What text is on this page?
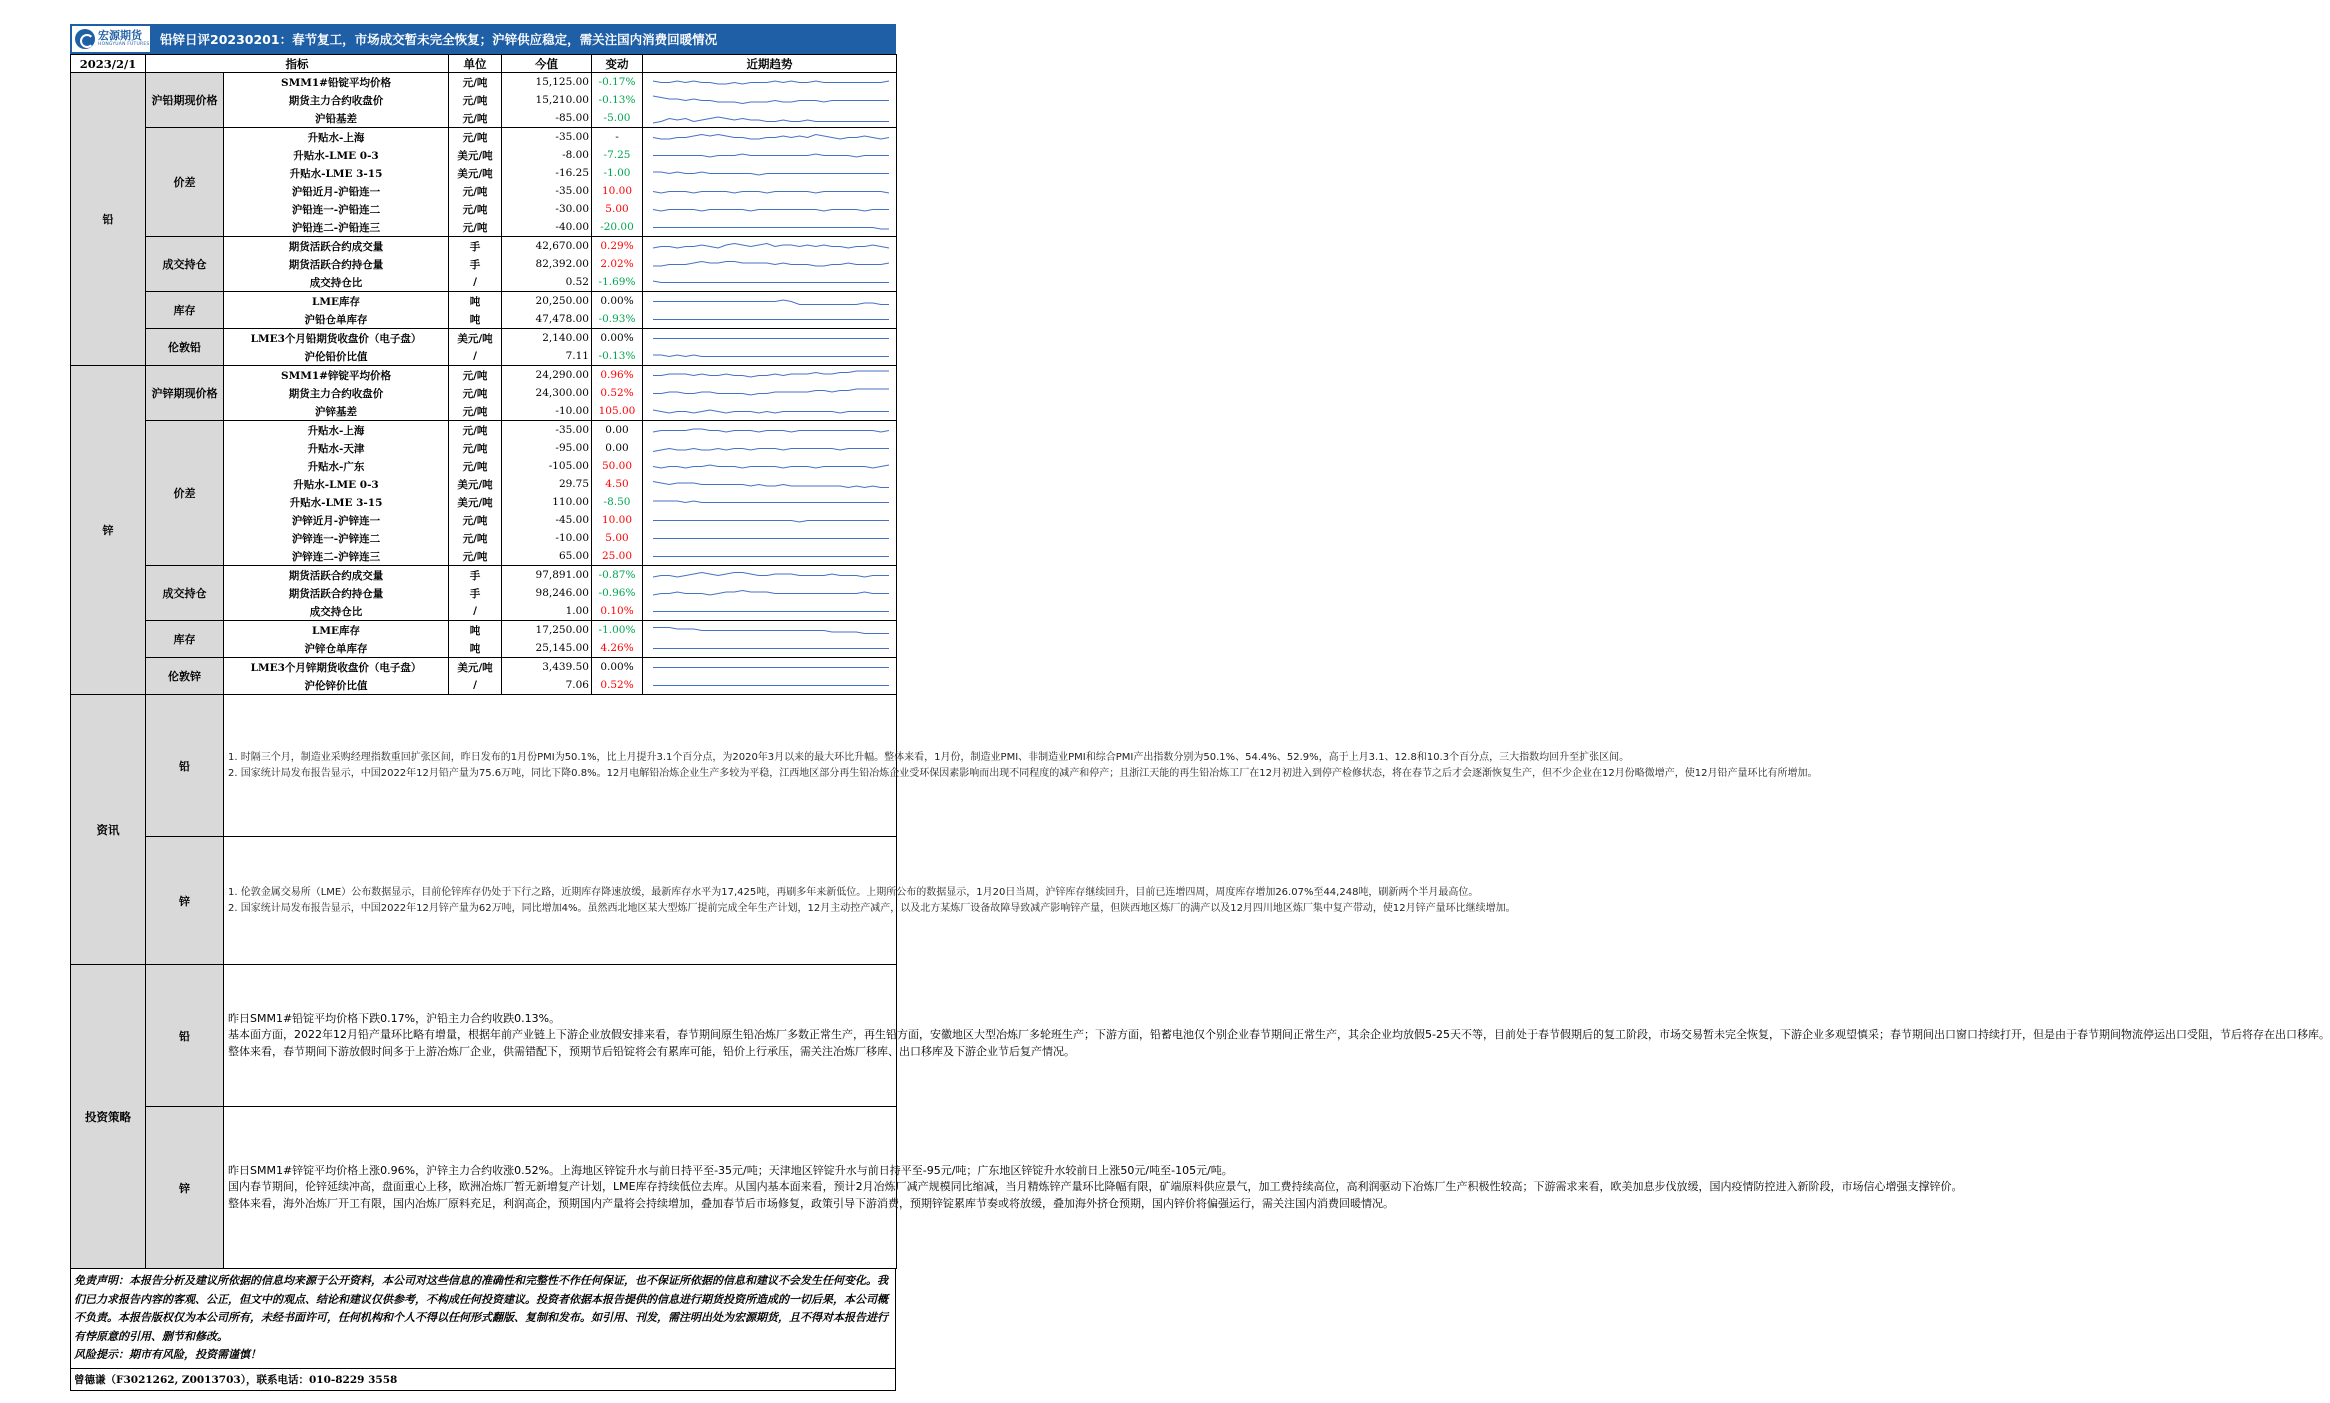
宏源期货
HONGYUAN FUTURES 铅锌日评20230201：春节复工，市场成交暂未完全恢复；沪锌供应稳定，需关注国内消费回暖情况
2023/2/1	指标		单位	今值	变动	近期趋势
铅	沪铅期现价格	SMM1#铅锭平均价格	元/吨	15,125.00	-0.17%	

		期货主力合约收盘价	元/吨	15,210.00	-0.13%	

		沪铅基差	元/吨	-85.00	-5.00	

	价差	升贴水-上海	元/吨	-35.00	-	

		升贴水-LME 0-3	美元/吨	-8.00	-7.25	

		升贴水-LME 3-15	美元/吨	-16.25	-1.00	

		沪铅近月-沪铅连一	元/吨	-35.00	10.00	

		沪铅连一-沪铅连二	元/吨	-30.00	5.00	

		沪铅连二-沪铅连三	元/吨	-40.00	-20.00	

	成交持仓	期货活跃合约成交量	手	42,670.00	0.29%	

		期货活跃合约持仓量	手	82,392.00	2.02%	

		成交持仓比	/	0.52	-1.69%	

	库存	LME库存	吨	20,250.00	0.00%	

		沪铅仓单库存	吨	47,478.00	-0.93%	

	伦敦铅	LME3个月铅期货收盘价（电子盘）	美元/吨	2,140.00	0.00%	

		沪伦铅价比值	/	7.11	-0.13%	

锌	沪锌期现价格	SMM1#锌锭平均价格	元/吨	24,290.00	0.96%	

		期货主力合约收盘价	元/吨	24,300.00	0.52%	

		沪锌基差	元/吨	-10.00	105.00	

	价差	升贴水-上海	元/吨	-35.00	0.00	

		升贴水-天津	元/吨	-95.00	0.00	

		升贴水-广东	元/吨	-105.00	50.00	

		升贴水-LME 0-3	美元/吨	29.75	4.50	

		升贴水-LME 3-15	美元/吨	110.00	-8.50	

		沪锌近月-沪锌连一	元/吨	-45.00	10.00	

		沪锌连一-沪锌连二	元/吨	-10.00	5.00	

		沪锌连二-沪锌连三	元/吨	65.00	25.00	

	成交持仓	期货活跃合约成交量	手	97,891.00	-0.87%	

		期货活跃合约持仓量	手	98,246.00	-0.96%	

		成交持仓比	/	1.00	0.10%	

	库存	LME库存	吨	17,250.00	-1.00%	

		沪锌仓单库存	吨	25,145.00	4.26%	

	伦敦锌	LME3个月锌期货收盘价（电子盘）	美元/吨	3,439.50	0.00%	

		沪伦锌价比值	/	7.06	0.52%	

资讯	铅	1. 时隔三个月，制造业采购经理指数重回扩张区间，昨日发布的1月份PMI为50.1%，比上月提升3.1个百分点，为2020年3月以来的最大环比升幅。整体来看，1月份，制造业PMI、非制造业PMI和综合PMI产出指数分别为50.1%、54.4%、52.9%，高于上月3.1、12.8和10.3个百分点，三大指数均回升至扩张区间。

2. 国家统计局发布报告显示，中国2022年12月铅产量为75.6万吨，同比下降0.8%。12月电解铅冶炼企业生产多较为平稳，江西地区部分再生铅冶炼企业受环保因素影响而出现不同程度的减产和停产；且浙江天能的再生铅冶炼工厂在12月初进入到停产检修状态，将在春节之后才会逐渐恢复生产，但不少企业在12月份略微增产，使12月铅产量环比有所增加。				

	锌	1. 伦敦金属交易所（LME）公布数据显示，目前伦锌库存仍处于下行之路，近期库存降速放缓，最新库存水平为17,425吨，再刷多年来新低位。上期所公布的数据显示，1月20日当周，沪锌库存继续回升，目前已连增四周，周度库存增加26.07%至44,248吨，刷新两个半月最高位。

2. 国家统计局发布报告显示，中国2022年12月锌产量为62万吨，同比增加4%。虽然西北地区某大型炼厂提前完成全年生产计划，12月主动控产减产，以及北方某炼厂设备故障导致减产影响锌产量，但陕西地区炼厂的满产以及12月四川地区炼厂集中复产带动，使12月锌产量环比继续增加。				

投资策略	铅	昨日SMM1#铅锭平均价格下跌0.17%，沪铅主力合约收跌0.13%。

基本面方面，2022年12月铅产量环比略有增量，根据年前产业链上下游企业放假安排来看，春节期间原生铅冶炼厂多数正常生产，再生铅方面，安徽地区大型冶炼厂多轮班生产；下游方面，铅蓄电池仅个别企业春节期间正常生产，其余企业均放假5-25天不等，目前处于春节假期后的复工阶段，市场交易暂未完全恢复，下游企业多观望慎采；春节期间出口窗口持续打开，但是由于春节期间物流停运出口受阻，节后将存在出口移库。

整体来看，春节期间下游放假时间多于上游冶炼厂企业，供需错配下，预期节后铅锭将会有累库可能，铅价上行承压，需关注冶炼厂移库、出口移库及下游企业节后复产情况。				

	锌	昨日SMM1#锌锭平均价格上涨0.96%，沪锌主力合约收涨0.52%。上海地区锌锭升水与前日持平至-35元/吨；天津地区锌锭升水与前日持平至-95元/吨；广东地区锌锭升水较前日上涨50元/吨至-105元/吨。

国内春节期间，伦锌延续冲高，盘面重心上移，欧洲冶炼厂暂无新增复产计划，LME库存持续低位去库。从国内基本面来看，预计2月冶炼厂减产规模同比缩减，当月精炼锌产量环比降幅有限，矿端原料供应景气，加工费持续高位，高利润驱动下冶炼厂生产积极性较高；下游需求来看，欧美加息步伐放缓，国内疫情防控进入新阶段，市场信心增强支撑锌价。

整体来看，海外冶炼厂开工有限，国内冶炼厂原料充足，利润高企，预期国内产量将会持续增加，叠加春节后市场修复，政策引导下游消费，预期锌锭累库节奏或将放缓，叠加海外挤仓预期，国内锌价将偏强运行，需关注国内消费回暖情况。				

免责声明：本报告分析及建议所依据的信息均来源于公开资料，本公司对这些信息的准确性和完整性不作任何保证，也不保证所依据的信息和建议不会发生任何变化。我们已力求报告内容的客观、公正，但文中的观点、结论和建议仅供参考，不构成任何投资建议。投资者依据本报告提供的信息进行期货投资所造成的一切后果，本公司概不负责。本报告版权仅为本公司所有，未经书面许可，任何机构和个人不得以任何形式翻版、复制和发布。如引用、刊发，需注明出处为宏源期货，且不得对本报告进行有悖原意的引用、删节和修改。

风险提示：期市有风险，投资需谨慎！

曾德谦（F3021262, Z0013703），联系电话：010-8229 3558
